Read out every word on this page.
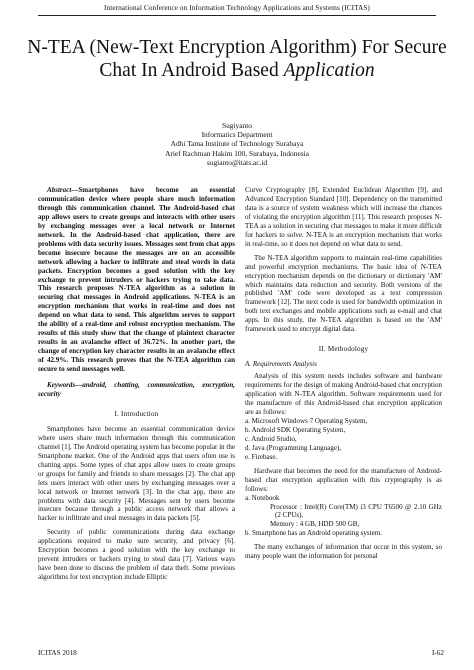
International Conference on Information Technology Applications and Systems (ICITAS)
N-TEA (New-Text Encryption Algorithm) For Secure Chat In Android Based Application
Sugiyanto
Informatics Department
Adhi Tama Institute of Technology Surabaya
Arief Rachman Hakim 100, Surabaya, Indonesia
sugianto@itats.ac.id

Abstract—Smartphones have become an essential communication device where people share much information through this communication channel. The Android-based chat app allows users to create groups and interacts with other users by exchanging messages over a local network or Internet network. In the Android-based chat application, there are problems with data security issues. Messages sent from chat apps become insecure because the messages are on an accessible network allowing a hacker to infiltrate and steal words in data packets. Encryption becomes a good solution with the key exchange to prevent intruders or hackers trying to take data. This research proposes N-TEA algorithm as a solution in securing chat messages in Android applications. N-TEA is an encryption mechanism that works in real-time and does not depend on what data to send. This algorithm serves to support the ability of a real-time and robust encryption mechanism. The results of this study show that the change of plaintext character results in an avalanche effect of 36.72%. In another part, the change of encryption key character results in an avalanche effect of 42.9%. This research proves that the N-TEA algorithm can secure to send messages well.

Keywords—android, chatting, communication, encryption, security

I. Introduction

Smartphones have become an essential communication device where users share much information through this communication channel [1]. The Android operating system has become popular in the Smartphone market. One of the Android apps that users often use is chatting apps. Some types of chat apps allow users to create groups or groups for family and friends to share messages [2]. The chat app lets users interact with other users by exchanging messages over a local network or Internet network [3]. In the chat app, there are problems with data security [4]. Messages sent by users become insecure because through a public access network that allows a hacker to infiltrate and steal messages in data packets [5].

Security of public communications during data exchange applications required to make sure security, and privacy [6]. Encryption becomes a good solution with the key exchange to prevent intruders or hackers trying to steal data [7]. Various ways have been done to discuss the problem of data theft. Some previous algorithms for text encryption include Elliptic

Curve Cryptography [8], Extended Euclidean Algorithm [9], and Advanced Encryption Standard [10]. Dependency on the transmitted data is a source of system weakness which will increase the chances of violating the encryption algorithm [11]. This research proposes N-TEA as a solution in securing chat messages to make it more difficult for hackers to solve. N-TEA is an encryption mechanism that works in real-time, so it does not depend on what data to send.

The N-TEA algorithm supports to maintain real-time capabilities and powerful encryption mechanisms. The basic idea of N-TEA encryption mechanism depends on the dictionary or dictionary 'AM' which maintains data reduction and security. Both versions of the published 'AM' code were developed as a text compression framework [12]. The next code is used for bandwidth optimization in both text exchanges and mobile applications such as e-mail and chat apps. In this study, the N-TEA algorithm is based on the 'AM' framework used to encrypt digital data.

II. Methodology

A. Requirements Analysis

Analysis of this system needs includes software and hardware requirements for the design of making Android-based chat encryption application with N-TEA algorithm. Software requirements used for the manufacture of this Android-based chat encryption application are as follows:

a. Microsoft Windows 7 Operating System,

b. Android SDK Operating System,

c. Android Studio,

d. Java (Programming Language),

e. Firebase.

Hardware that becomes the need for the manufacture of Android-based chat encryption application with this cryptography is as follows:

a. Notebook

Processor : Intel(R) Core(TM) i3 CPU T6500 @ 2.10 GHz (2 CPUs),

Memory : 4 GB, HDD 500 GB,

b. Smartphone has an Android operating system.

The many exchanges of information that occur in this system, so many people want the information for personal

ICITAS 2018	I-62
